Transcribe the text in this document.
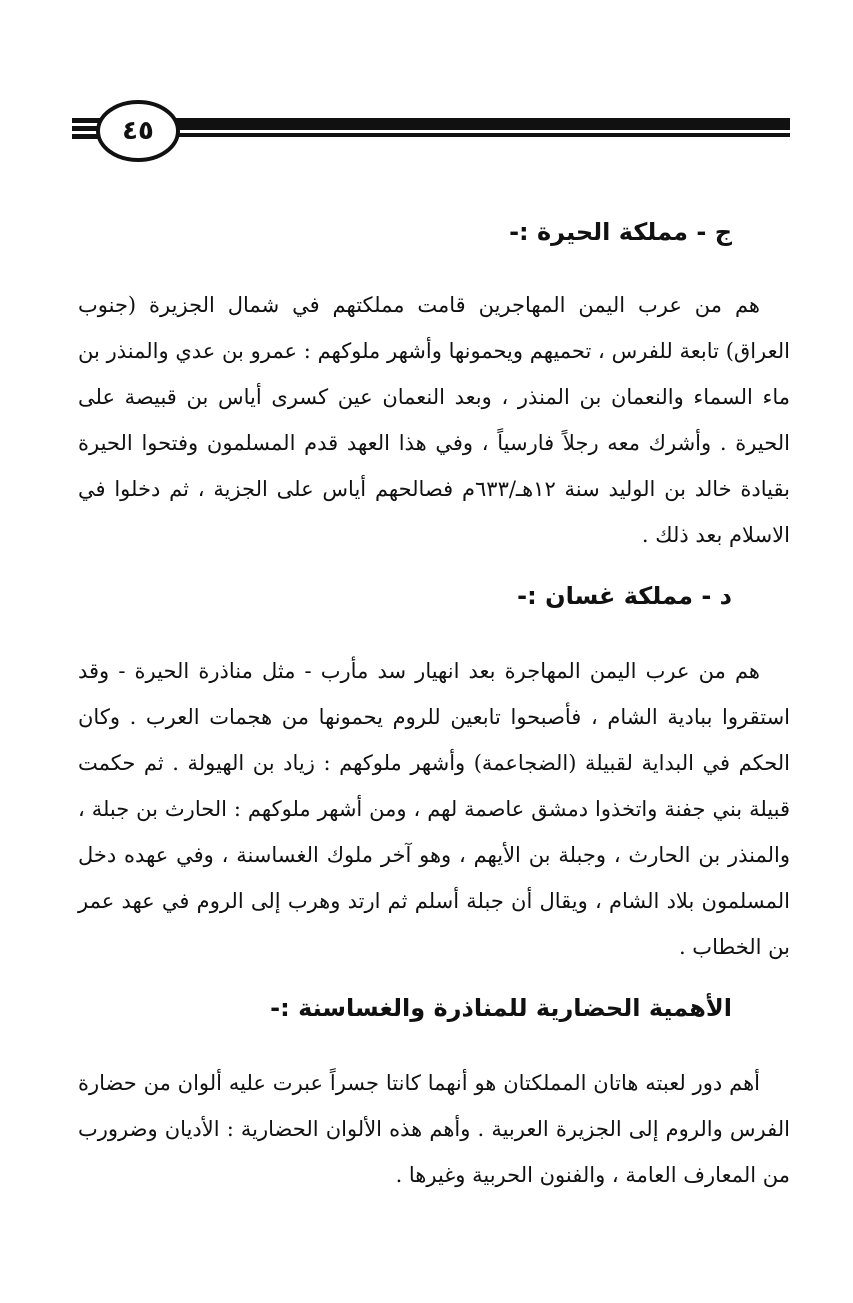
٤٥
ج - مملكة الحيرة :-

هم من عرب اليمن المهاجرين قامت مملكتهم في شمال الجزيرة (جنوب العراق) تابعة للفرس ، تحميهم ويحمونها وأشهر ملوكهم : عمرو بن عدي والمنذر بن ماء السماء والنعمان بن المنذر ، وبعد النعمان عين كسرى أياس بن قبيصة على الحيرة . وأشرك معه رجلاً فارسياً ، وفي هذا العهد قدم المسلمون وفتحوا الحيرة بقيادة خالد بن الوليد سنة ١٢هـ/٦٣٣م فصالحهم أياس على الجزية ، ثم دخلوا في الاسلام بعد ذلك .

د - مملكة غسان :-

هم من عرب اليمن المهاجرة بعد انهيار سد مأرب - مثل مناذرة الحيرة - وقد استقروا ببادية الشام ، فأصبحوا تابعين للروم يحمونها من هجمات العرب . وكان الحكم في البداية لقبيلة (الضجاعمة) وأشهر ملوكهم : زياد بن الهيولة . ثم حكمت قبيلة بني جفنة واتخذوا دمشق عاصمة لهم ، ومن أشهر ملوكهم : الحارث بن جبلة ، والمنذر بن الحارث ، وجبلة بن الأيهم ، وهو آخر ملوك الغساسنة ، وفي عهده دخل المسلمون بلاد الشام ، ويقال أن جبلة أسلم ثم ارتد وهرب إلى الروم في عهد عمر بن الخطاب .

الأهمية الحضارية للمناذرة والغساسنة :-

أهم دور لعبته هاتان المملكتان هو أنهما كانتا جسراً عبرت عليه ألوان من حضارة الفرس والروم إلى الجزيرة العربية . وأهم هذه الألوان الحضارية : الأديان وضرورب من المعارف العامة ، والفنون الحربية وغيرها .
